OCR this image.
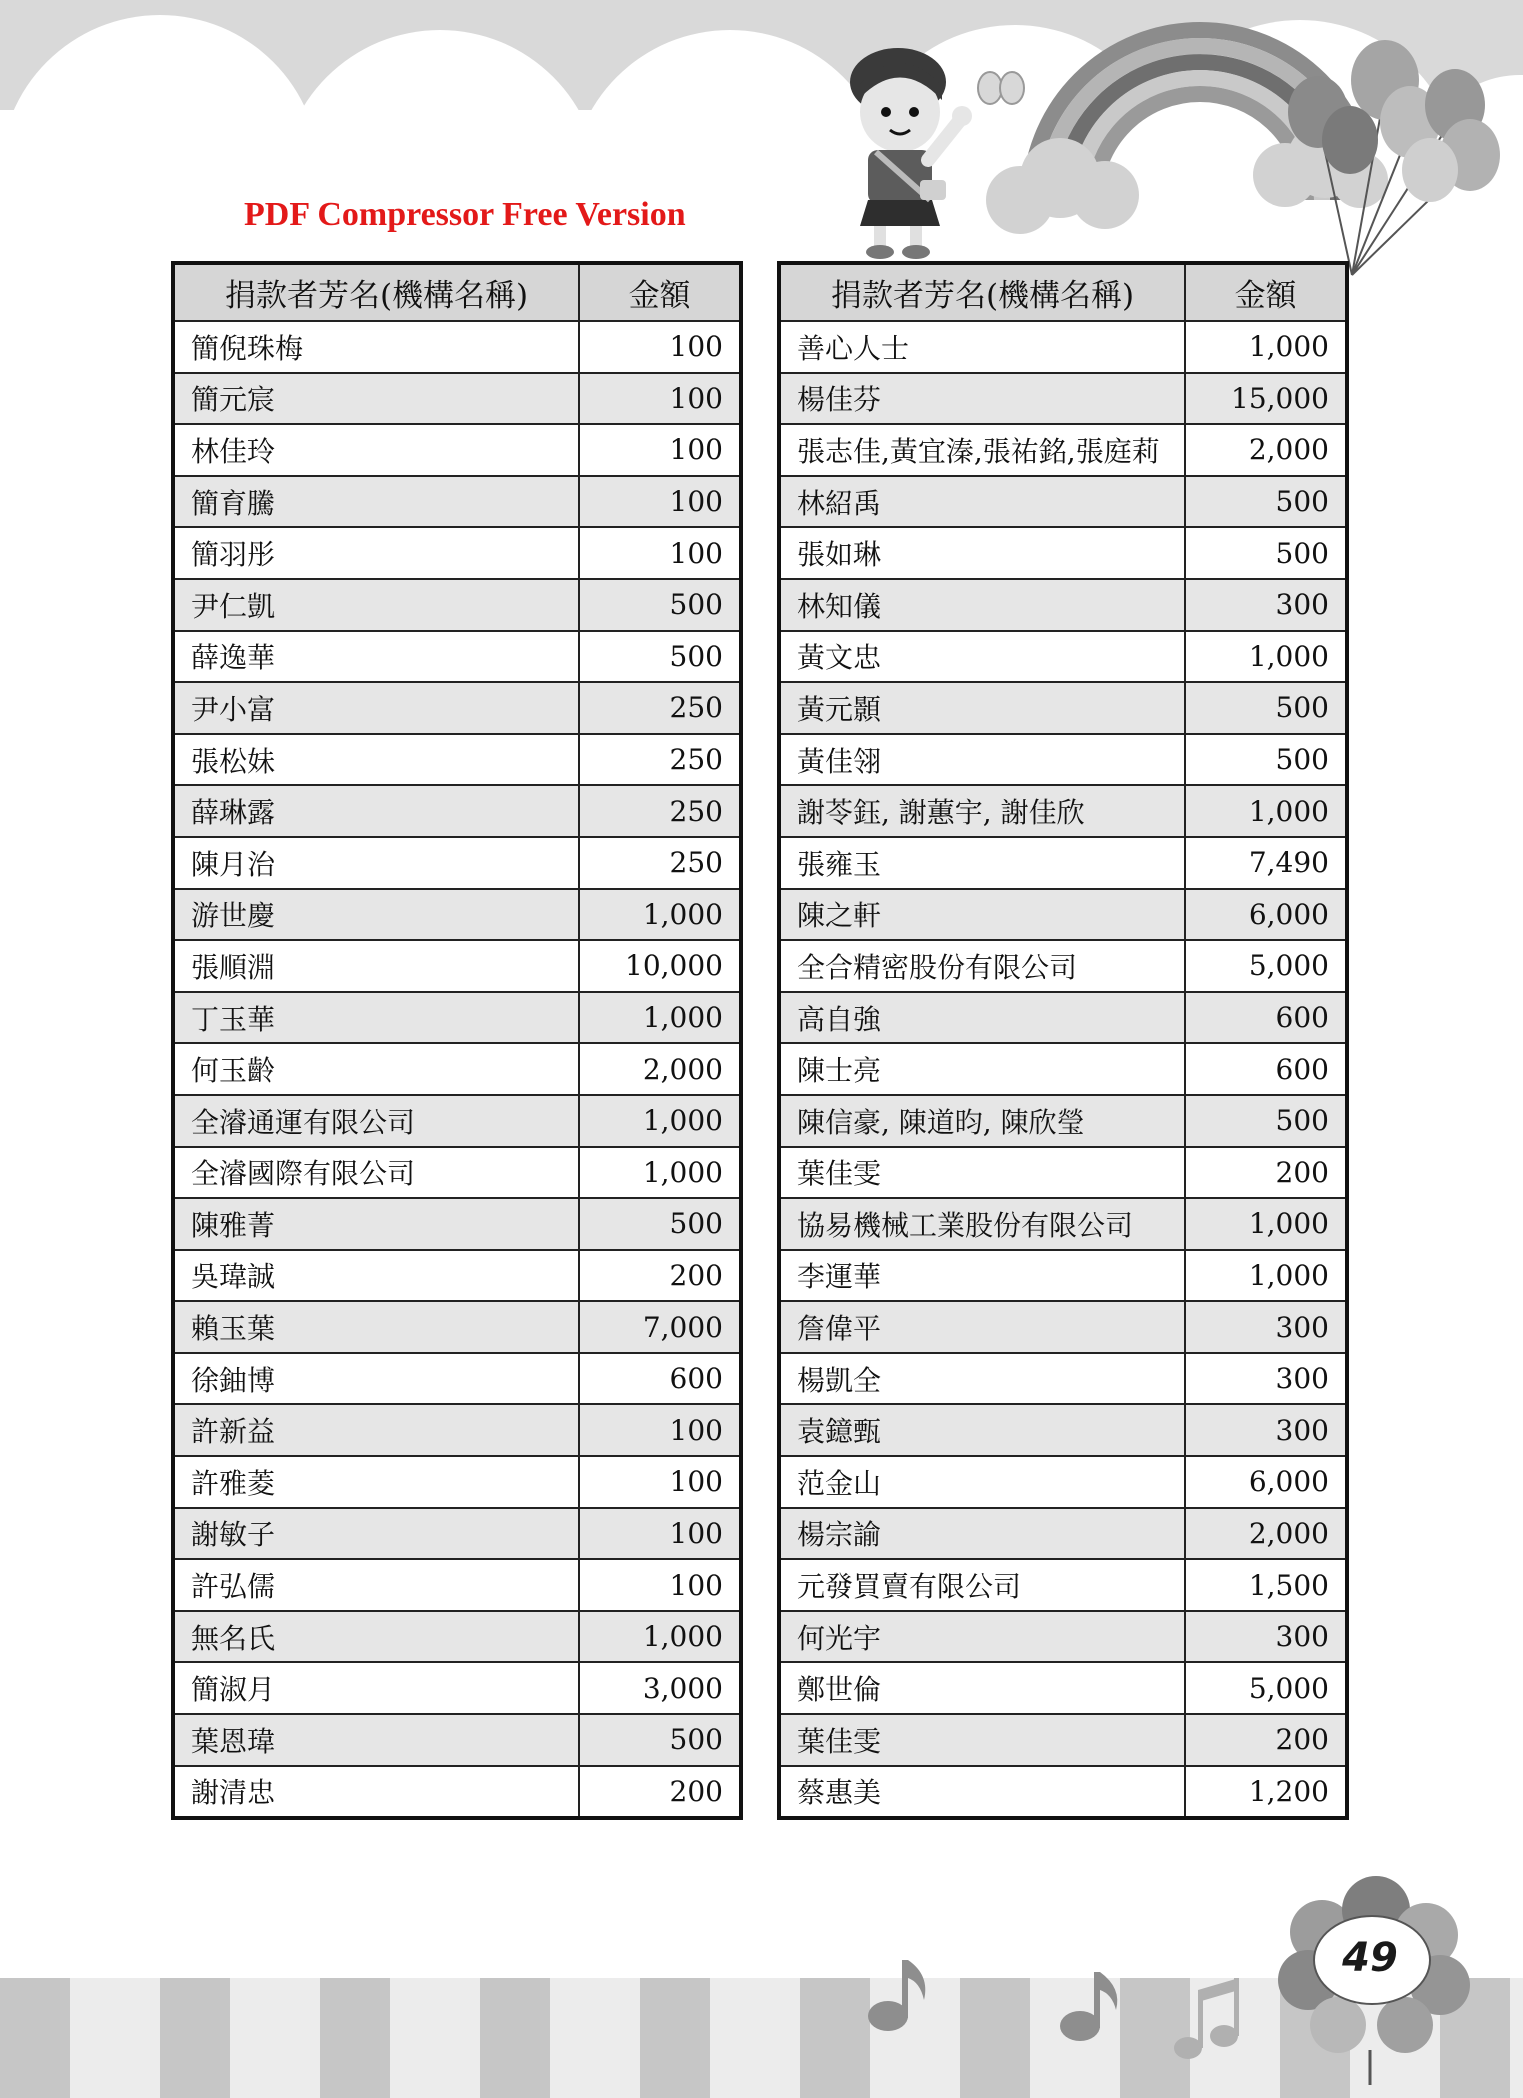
PDF Compressor Free Version
捐款者芳名(機構名稱)	金額
簡倪珠梅	100
簡元宸	100
林佳玲	100
簡育騰	100
簡羽彤	100
尹仁凱	500
薛逸華	500
尹小富	250
張松妹	250
薛琳露	250
陳月治	250
游世慶	1,000
張順淵	10,000
丁玉華	1,000
何玉齡	2,000
全濬通運有限公司	1,000
全濬國際有限公司	1,000
陳雅菁	500
吳瑋誠	200
賴玉葉	7,000
徐鈾博	600
許新益	100
許雅菱	100
謝敏子	100
許弘儒	100
無名氏	1,000
簡淑月	3,000
葉恩瑋	500
謝清忠	200
捐款者芳名(機構名稱)	金額
善心人士	1,000
楊佳芬	15,000
張志佳,黃宜溱,張祐銘,張庭莉	2,000
林紹禹	500
張如琳	500
林知儀	300
黃文忠	1,000
黃元顥	500
黃佳翎	500
謝苓鈺, 謝蕙宇, 謝佳欣	1,000
張雍玉	7,490
陳之軒	6,000
全合精密股份有限公司	5,000
高自強	600
陳士亮	600
陳信豪, 陳道昀, 陳欣瑩	500
葉佳雯	200
協易機械工業股份有限公司	1,000
李運華	1,000
詹偉平	300
楊凱全	300
袁鐿甄	300
范金山	6,000
楊宗諭	2,000
元發買賣有限公司	1,500
何光宇	300
鄭世倫	5,000
葉佳雯	200
蔡惠美	1,200
49
